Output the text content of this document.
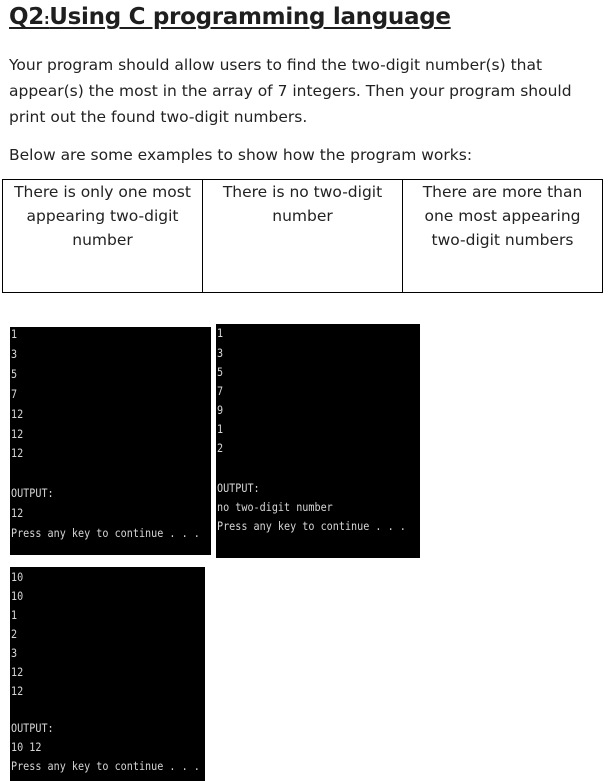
Q2:Using C programming language
Your program should allow users to find the two-digit number(s) that appear(s) the most in the array of 7 integers. Then your program should print out the found two-digit numbers.
Below are some examples to show how the program works:
There is only one most appearing two-digit number	There is no two-digit number	There are more than one most appearing two-digit numbers
1
3
5
7
12
12
12
OUTPUT:
12
Press any key to continue . . .
1
3
5
7
9
1
2
OUTPUT:
no two-digit number
Press any key to continue . . .
10
10
1
2
3
12
12
OUTPUT:
10 12
Press any key to continue . . .
